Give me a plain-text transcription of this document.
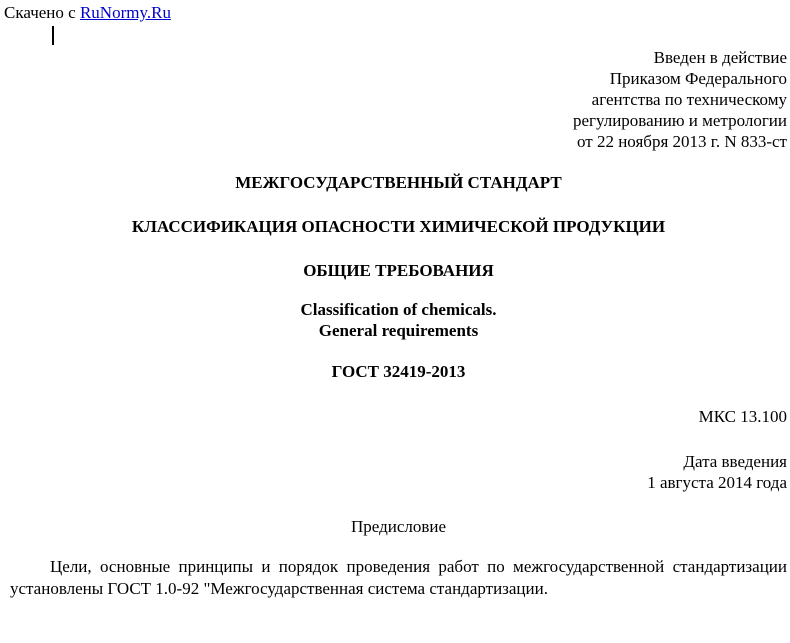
Скачено с RuNormy.Ru
Введен в действие
Приказом Федерального
агентства по техническому
регулированию и метрологии
от 22 ноября 2013 г. N 833-ст
МЕЖГОСУДАРСТВЕННЫЙ СТАНДАРТ
КЛАССИФИКАЦИЯ ОПАСНОСТИ ХИМИЧЕСКОЙ ПРОДУКЦИИ
ОБЩИЕ ТРЕБОВАНИЯ
Classification of chemicals.
General requirements
ГОСТ 32419-2013
МКС 13.100
Дата введения
1 августа 2014 года
Предисловие
Цели, основные принципы и порядок проведения работ по межгосударственной стандартизации установлены ГОСТ 1.0-92 "Межгосударственная система стандартизации.
